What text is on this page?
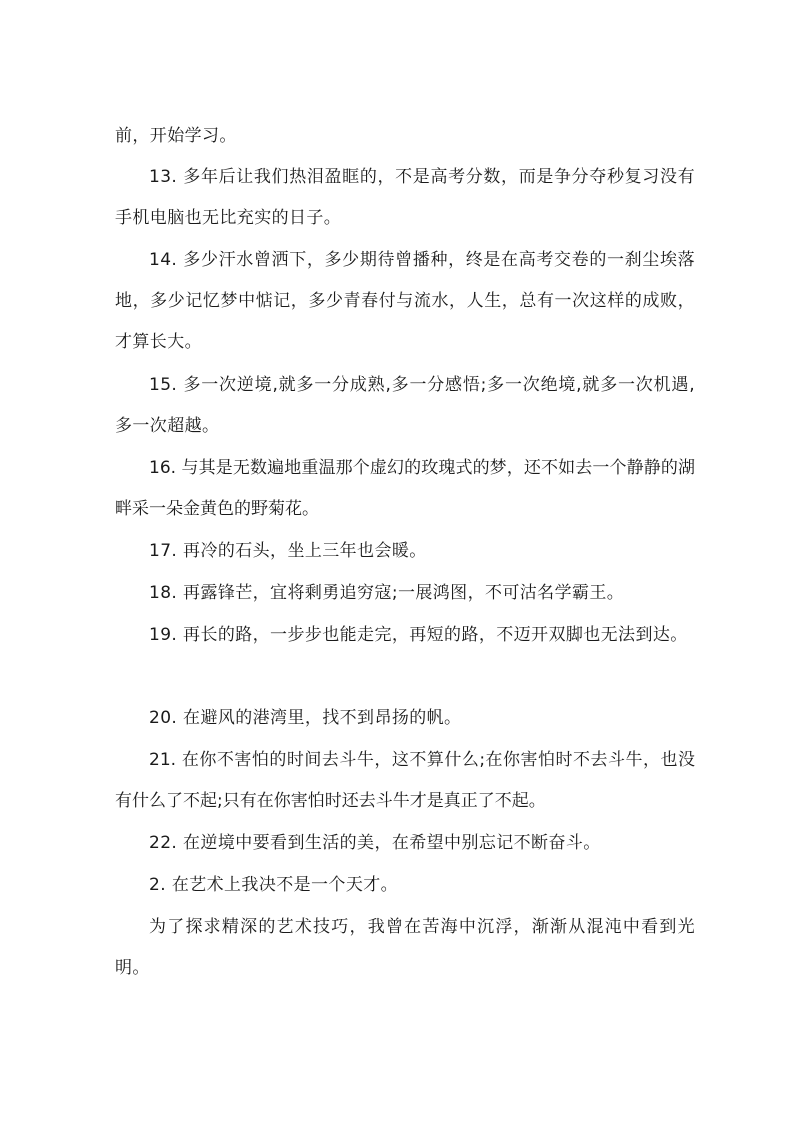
前，开始学习。

13. 多年后让我们热泪盈眶的，不是高考分数，而是争分夺秒复习没有手机电脑也无比充实的日子。

14. 多少汗水曾洒下，多少期待曾播种，终是在高考交卷的一刹尘埃落地，多少记忆梦中惦记，多少青春付与流水，人生，总有一次这样的成败，才算长大。

15. 多一次逆境,就多一分成熟,多一分感悟;多一次绝境,就多一次机遇,多一次超越。

16. 与其是无数遍地重温那个虚幻的玫瑰式的梦，还不如去一个静静的湖畔采一朵金黄色的野菊花。

17. 再冷的石头，坐上三年也会暖。

18. 再露锋芒，宜将剩勇追穷寇;一展鸿图，不可沽名学霸王。

19. 再长的路，一步步也能走完，再短的路，不迈开双脚也无法到达。

20. 在避风的港湾里，找不到昂扬的帆。

21. 在你不害怕的时间去斗牛，这不算什么;在你害怕时不去斗牛，也没有什么了不起;只有在你害怕时还去斗牛才是真正了不起。

22. 在逆境中要看到生活的美，在希望中别忘记不断奋斗。

2. 在艺术上我决不是一个天才。

为了探求精深的艺术技巧，我曾在苦海中沉浮，渐渐从混沌中看到光明。
